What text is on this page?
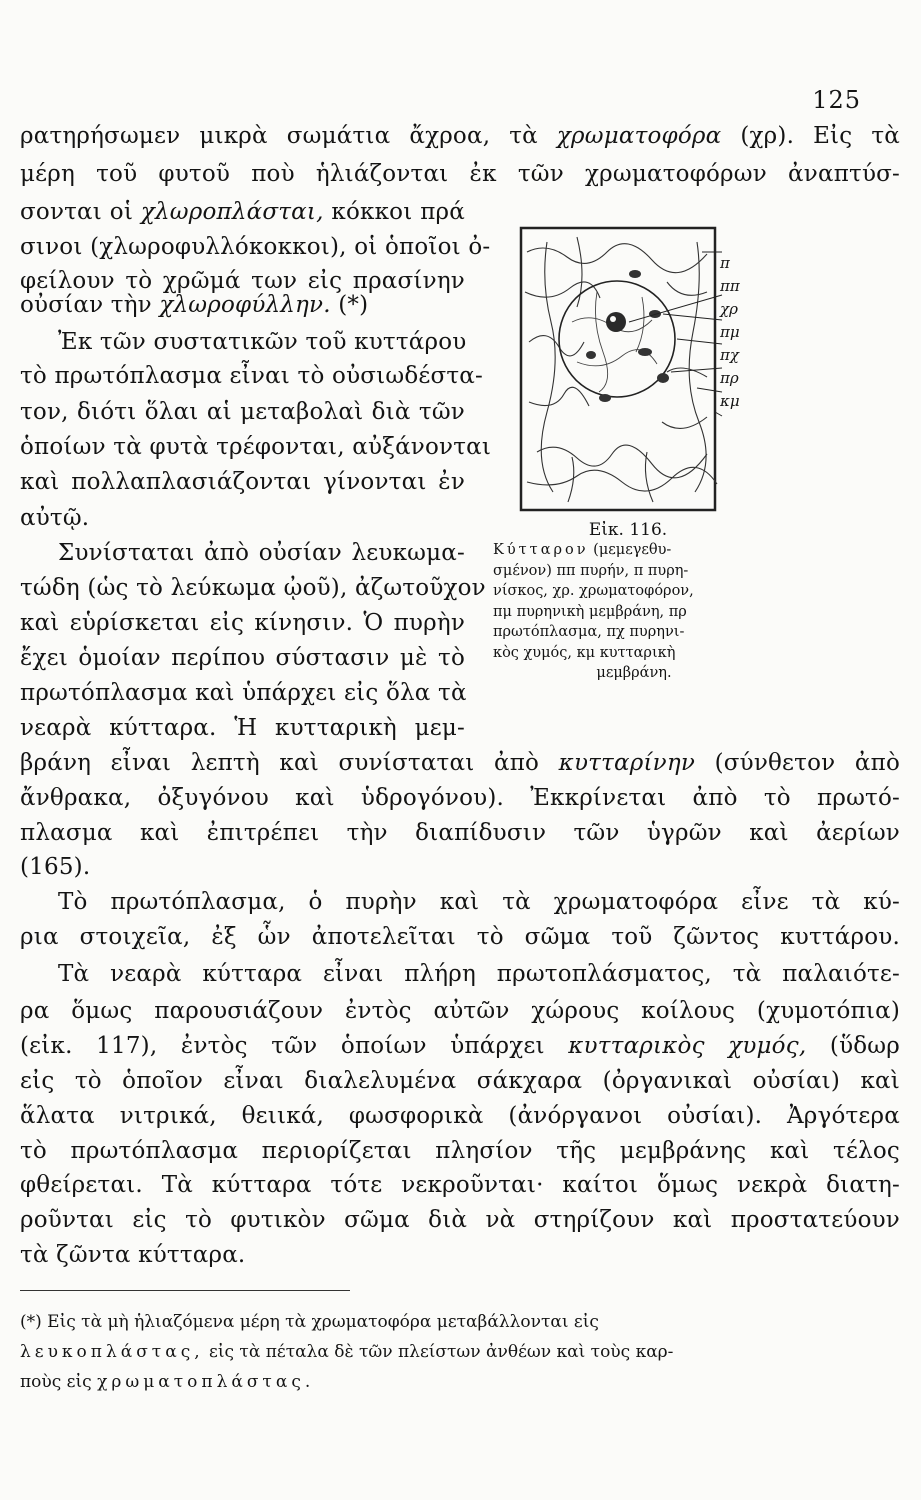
125
ρατηρήσωμεν μικρὰ σωμάτια ἄχροα, τὰ χρωματοφόρα (χρ). Εἰς τὰ
μέρη τοῦ φυτοῦ ποὺ ἡλιάζονται ἐκ τῶν χρωματοφόρων ἀναπτύσ-
σονται οἱ χλωροπλάσται, κόκκοι πρά
σινοι (χλωροφυλλόκοκκοι), οἱ ὁποῖοι ὀ-
φείλουν τὸ χρῶμά των εἰς πρασίνην
οὐσίαν τὴν χλωροφύλλην. (*)
Ἐκ τῶν συστατικῶν τοῦ κυττάρου
τὸ πρωτόπλασμα εἶναι τὸ οὐσιωδέστα-
τον, διότι ὅλαι αἱ μεταβολαὶ διὰ τῶν
ὁποίων τὰ φυτὰ τρέφονται, αὐξάνονται
καὶ πολλαπλασιάζονται γίνονται ἐν
αὐτῷ.
Συνίσταται ἀπὸ οὐσίαν λευκωμα-
τώδη (ὡς τὸ λεύκωμα ᾠοῦ), ἀζωτοῦχον
καὶ εὑρίσκεται εἰς κίνησιν. Ὁ πυρὴν
ἔχει ὁμοίαν περίπου σύστασιν μὲ τὸ
πρωτόπλασμα καὶ ὑπάρχει εἰς ὅλα τὰ
νεαρὰ κύτταρα. Ἡ κυτταρικὴ μεμ-
βράνη εἶναι λεπτὴ καὶ συνίσταται ἀπὸ κυτταρίνην (σύνθετον ἀπὸ
ἄνθρακα, ὀξυγόνου καὶ ὑδρογόνου). Ἐκκρίνεται ἀπὸ τὸ πρωτό-
πλασμα καὶ ἐπιτρέπει τὴν διαπίδυσιν τῶν ὑγρῶν καὶ ἀερίων
(165).
Τὸ πρωτόπλασμα, ὁ πυρὴν καὶ τὰ χρωματοφόρα εἶνε τὰ κύ-
ρια στοιχεῖα, ἐξ ὧν ἀποτελεῖται τὸ σῶμα τοῦ ζῶντος κυττάρου.
Τὰ νεαρὰ κύτταρα εἶναι πλήρη πρωτοπλάσματος, τὰ παλαιότε-
ρα ὅμως παρουσιάζουν ἐντὸς αὐτῶν χώρους κοίλους (χυμοτόπια)
(εἰκ. 117), ἐντὸς τῶν ὁποίων ὑπάρχει κυτταρικὸς χυμός, (ὕδωρ
εἰς τὸ ὁποῖον εἶναι διαλελυμένα σάκχαρα (ὀργανικαὶ οὐσίαι) καὶ
ἅλατα νιτρικά, θειικά, φωσφορικὰ (ἀνόργανοι οὐσίαι). Ἀργότερα
τὸ πρωτόπλασμα περιορίζεται πλησίον τῆς μεμβράνης καὶ τέλος
φθείρεται. Τὰ κύτταρα τότε νεκροῦνται· καίτοι ὅμως νεκρὰ διατη-
ροῦνται εἰς τὸ φυτικὸν σῶμα διὰ νὰ στηρίζουν καὶ προστατεύουν
τὰ ζῶντα κύτταρα.
π
ππ
χρ
πμ
πχ
πρ
κμ
Εἰκ. 116.
Κύτταρον (μεμεγεθυ-
σμένον) ππ πυρήν, π πυρη-
νίσκος, χρ. χρωματοφόρον,
πμ πυρηνικὴ μεμβράνη, πρ
πρωτόπλασμα, πχ πυρηνι-
κὸς χυμός, κμ κυτταρικὴ
μεμβράνη.
(*) Εἰς τὰ μὴ ἡλιαζόμενα μέρη τὰ χρωματοφόρα μεταβάλλονται εἰς
λευκοπλάστας, εἰς τὰ πέταλα δὲ τῶν πλείστων ἀνθέων καὶ τοὺς καρ-
ποὺς εἰς χρωματοπλάστας.
